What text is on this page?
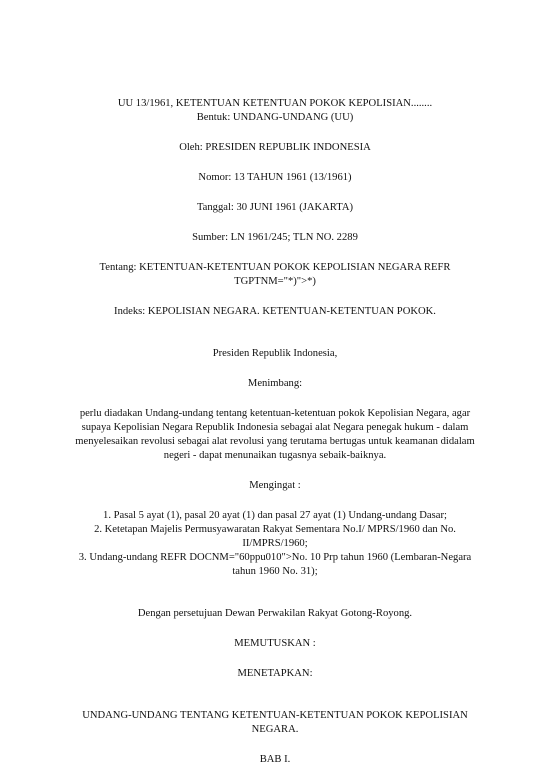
UU 13/1961, KETENTUAN KETENTUAN POKOK KEPOLISIAN........

Bentuk: UNDANG-UNDANG (UU)

Oleh: PRESIDEN REPUBLIK INDONESIA

Nomor: 13 TAHUN 1961 (13/1961)

Tanggal: 30 JUNI 1961 (JAKARTA)

Sumber: LN 1961/245; TLN NO. 2289

Tentang: KETENTUAN-KETENTUAN POKOK KEPOLISIAN NEGARA REFR

TGPTNM="*)">*)

Indeks: KEPOLISIAN NEGARA. KETENTUAN-KETENTUAN POKOK.

Presiden Republik Indonesia,

Menimbang:

perlu diadakan Undang-undang tentang ketentuan-ketentuan pokok Kepolisian Negara, agar

supaya Kepolisian Negara Republik Indonesia sebagai alat Negara penegak hukum - dalam

menyelesaikan revolusi sebagai alat revolusi yang terutama bertugas untuk keamanan didalam

negeri - dapat menunaikan tugasnya sebaik-baiknya.

Mengingat :

1. Pasal 5 ayat (1), pasal 20 ayat (1) dan pasal 27 ayat (1) Undang-undang Dasar;

2. Ketetapan Majelis Permusyawaratan Rakyat Sementara No.I/ MPRS/1960 dan No.

II/MPRS/1960;

3. Undang-undang REFR DOCNM="60ppu010">No. 10 Prp tahun 1960 (Lembaran-Negara

tahun 1960 No. 31);

Dengan persetujuan Dewan Perwakilan Rakyat Gotong-Royong.

MEMUTUSKAN :

MENETAPKAN:

UNDANG-UNDANG TENTANG KETENTUAN-KETENTUAN POKOK KEPOLISIAN

NEGARA.

BAB I.
